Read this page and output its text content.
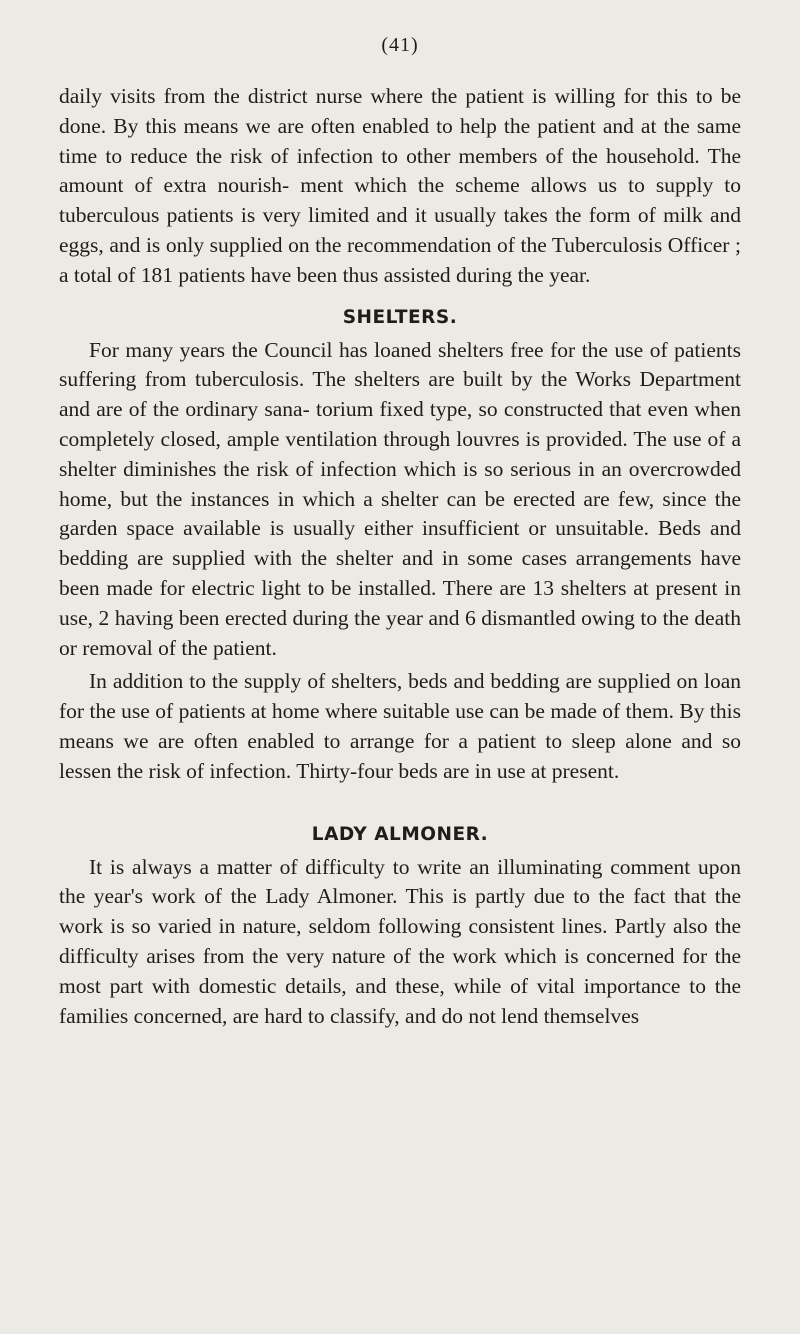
(41)

daily visits from the district nurse where the patient is willing for this to be done. By this means we are often enabled to help the patient and at the same time to reduce the risk of infection to other members of the household. The amount of extra nourish- ment which the scheme allows us to supply to tuberculous patients is very limited and it usually takes the form of milk and eggs, and is only supplied on the recommendation of the Tuberculosis Officer ; a total of 181 patients have been thus assisted during the year.

SHELTERS.

For many years the Council has loaned shelters free for the use of patients suffering from tuberculosis. The shelters are built by the Works Department and are of the ordinary sana- torium fixed type, so constructed that even when completely closed, ample ventilation through louvres is provided. The use of a shelter diminishes the risk of infection which is so serious in an overcrowded home, but the instances in which a shelter can be erected are few, since the garden space available is usually either insufficient or unsuitable. Beds and bedding are supplied with the shelter and in some cases arrangements have been made for electric light to be installed. There are 13 shelters at present in use, 2 having been erected during the year and 6 dismantled owing to the death or removal of the patient.

In addition to the supply of shelters, beds and bedding are supplied on loan for the use of patients at home where suitable use can be made of them. By this means we are often enabled to arrange for a patient to sleep alone and so lessen the risk of infection. Thirty-four beds are in use at present.

LADY ALMONER.

It is always a matter of difficulty to write an illuminating comment upon the year's work of the Lady Almoner. This is partly due to the fact that the work is so varied in nature, seldom following consistent lines. Partly also the difficulty arises from the very nature of the work which is concerned for the most part with domestic details, and these, while of vital importance to the families concerned, are hard to classify, and do not lend themselves
